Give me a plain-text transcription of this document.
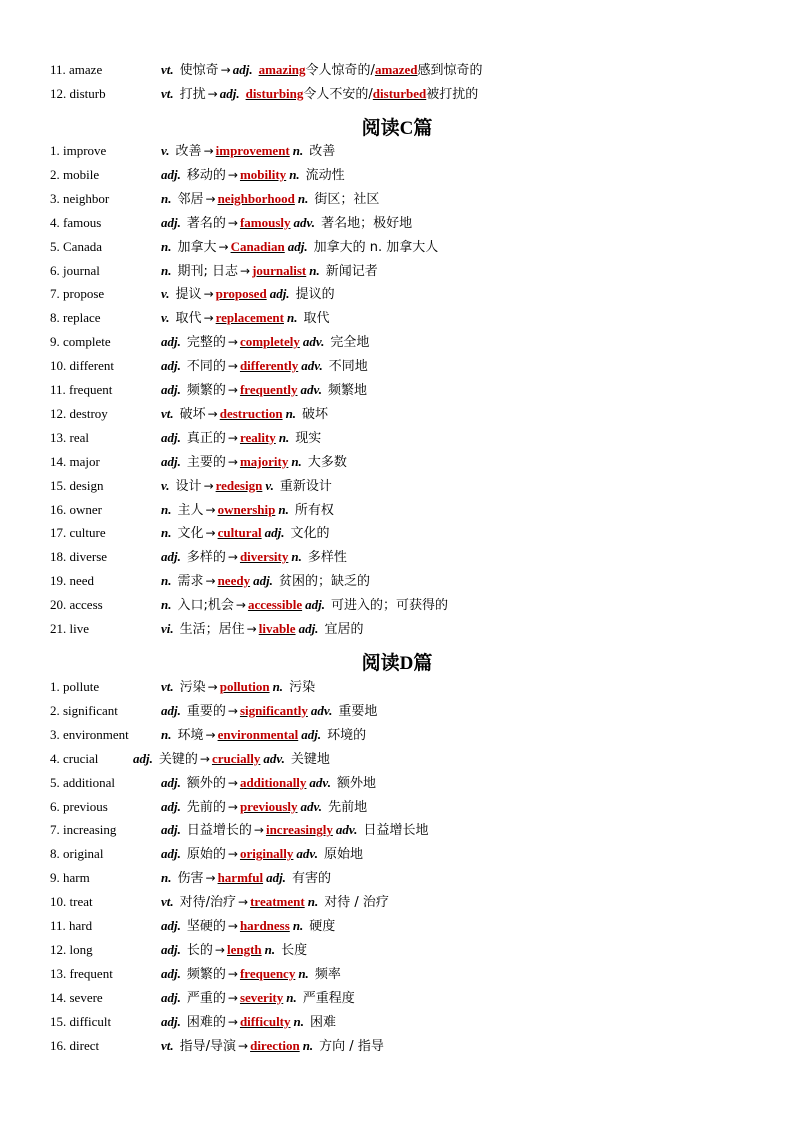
11. amaze	vt. 使惊奇 → adj. amazing令人惊奇的/amazed感到惊奇的
12. disturb	vt. 打扰 → adj. disturbing令人不安的/disturbed被打扰的
阅读C篇
1. improve	v. 改善 → improvement n. 改善
2. mobile	adj. 移动的 → mobility n. 流动性
3. neighbor	n. 邻居 → neighborhood n. 街区；社区
4. famous	adj. 著名的 → famously adv. 著名地；极好地
5. Canada	n. 加拿大 → Canadian adj. 加拿大的 n. 加拿大人
6. journal	n. 期刊; 日志 → journalist n. 新闻记者
7. propose	v. 提议 → proposed adj. 提议的
8. replace	v. 取代 → replacement n. 取代
9. complete	adj. 完整的 → completely adv. 完全地
10. different	adj. 不同的 → differently adv. 不同地
11. frequent	adj. 频繁的 → frequently adv. 频繁地
12. destroy	vt. 破坏 → destruction n. 破坏
13. real	adj. 真正的 → reality n. 现实
14. major	adj. 主要的 → majority n. 大多数
15. design	v. 设计 → redesign v. 重新设计
16. owner	n. 主人 → ownership n. 所有权
17. culture	n. 文化 → cultural adj. 文化的
18. diverse	adj. 多样的 → diversity n. 多样性
19. need	n. 需求 → needy adj. 贫困的；缺乏的
20. access	n. 入口;机会 → accessible adj. 可进入的；可获得的
21. live	vi. 生活；居住 → livable adj. 宜居的
阅读D篇
1. pollute	vt. 污染 → pollution n. 污染
2. significant	adj. 重要的 → significantly adv. 重要地
3. environment n. 环境 → environmental adj. 环境的
4. crucial	adj. 关键的 → crucially adv. 关键地
5. additional	adj. 额外的 → additionally adv. 额外地
6. previous	adj. 先前的 → previously adv. 先前地
7. increasing	adj. 日益增长的 → increasingly adv. 日益增长地
8. original	adj. 原始的 → originally adv. 原始地
9. harm	n. 伤害 → harmful adj. 有害的
10. treat	vt. 对待/治疗 → treatment n. 对待 / 治疗
11. hard	adj. 坚硬的 → hardness n. 硬度
12. long	adj. 长的 → length n. 长度
13. frequent	adj. 频繁的 → frequency n. 频率
14. severe	adj. 严重的 → severity n. 严重程度
15. difficult	adj. 困难的 → difficulty n. 困难
16. direct	vt. 指导/导演 → direction n. 方向 / 指导
